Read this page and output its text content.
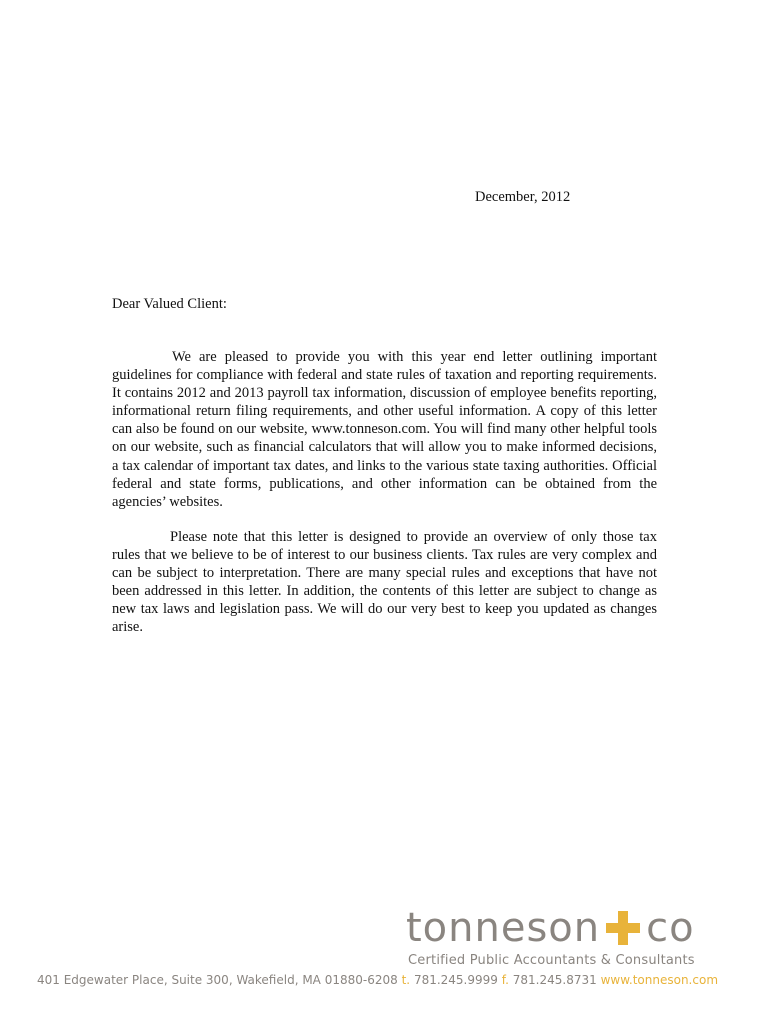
December, 2012
Dear Valued Client:

We are pleased to provide you with this year end letter outlining important guidelines for compliance with federal and state rules of taxation and reporting requirements. It contains 2012 and 2013 payroll tax information, discussion of employee benefits reporting, informational return filing requirements, and other useful information. A copy of this letter can also be found on our website, www.tonneson.com. You will find many other helpful tools on our website, such as financial calculators that will allow you to make informed decisions, a tax calendar of important tax dates, and links to the various state taxing authorities. Official federal and state forms, publications, and other information can be obtained from the agencies’ websites.

Please note that this letter is designed to provide an overview of only those tax rules that we believe to be of interest to our business clients. Tax rules are very complex and can be subject to interpretation. There are many special rules and exceptions that have not been addressed in this letter. In addition, the contents of this letter are subject to change as new tax laws and legislation pass. We will do our very best to keep you updated as changes arise.

tonneson co
Certified Public Accountants & Consultants
401 Edgewater Place, Suite 300, Wakefield, MA 01880-6208 t. 781.245.9999 f. 781.245.8731 www.tonneson.com
